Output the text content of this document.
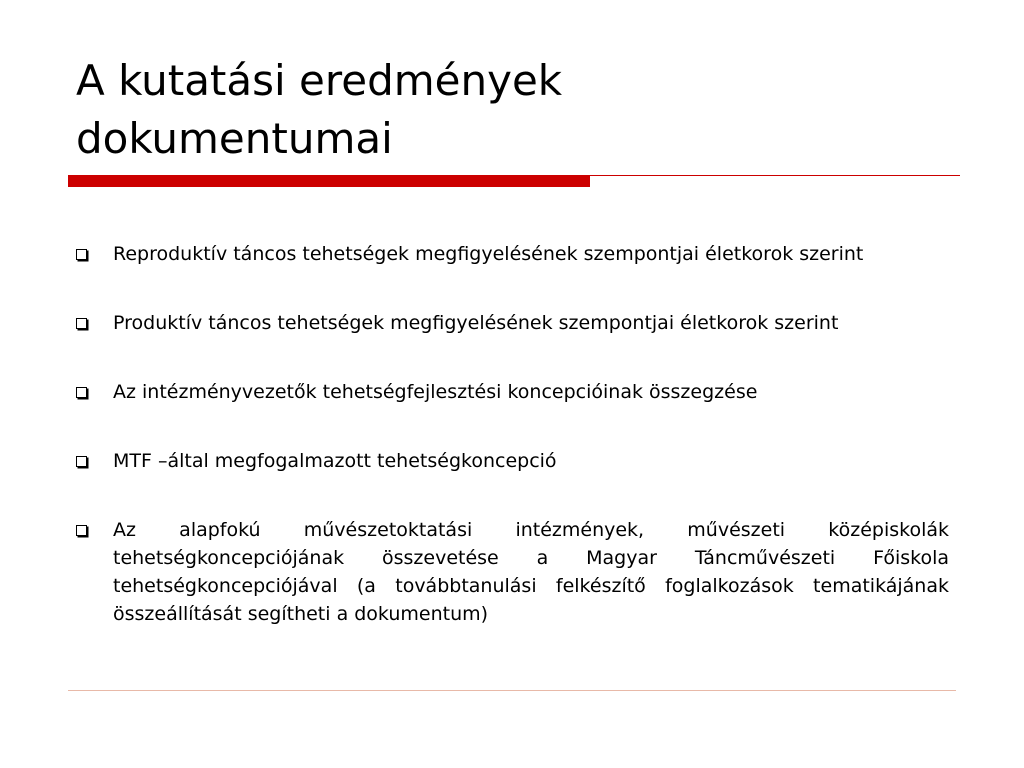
A kutatási eredmények
dokumentumai
Reproduktív táncos tehetségek megfigyelésének szempontjai életkorok szerint
Produktív táncos tehetségek megfigyelésének szempontjai életkorok szerint
Az intézményvezetők tehetségfejlesztési koncepcióinak összegzése
MTF –által megfogalmazott tehetségkoncepció
Az alapfokú művészetoktatási intézmények, művészeti középiskolák tehetségkoncepciójának összevetése a Magyar Táncművészeti Főiskola tehetségkoncepciójával (a továbbtanulási felkészítő foglalkozások tematikájának összeállítását segítheti a dokumentum)
